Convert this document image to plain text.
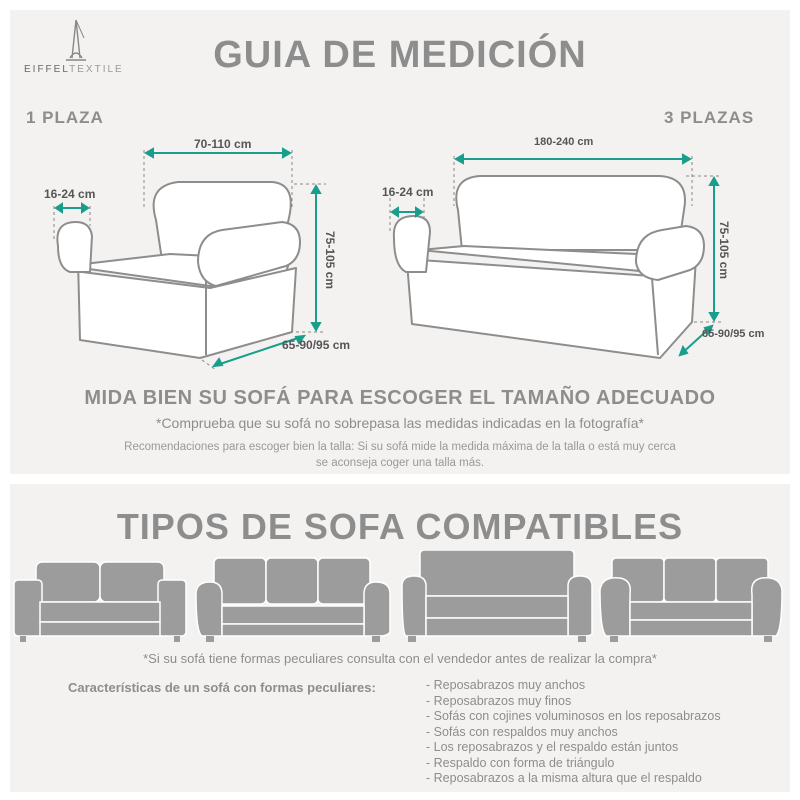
EIFFELTEXTILE	GUIA DE MEDICIÓN
1 PLAZA	3 PLAZAS
70-110 cm
16-24 cm
75-105 cm
65-90/95 cm
180-240 cm
16-24 cm
75-105 cm
65-90/95 cm
MIDA BIEN SU SOFÁ PARA ESCOGER EL TAMAÑO ADECUADO
*Comprueba que su sofá no sobrepasa las medidas indicadas en la fotografía*
Recomendaciones para escoger bien la talla: Si su sofá mide la medida máxima de la talla o está muy cerca se aconseja coger una talla más.
TIPOS DE SOFA COMPATIBLES
*Si su sofá tiene formas peculiares consulta con el vendedor antes de realizar la compra*
Características de un sofá con formas peculiares:	- Reposabrazos muy anchos
- Reposabrazos muy finos
- Sofás con cojines voluminosos en los reposabrazos
- Sofás con respaldos muy anchos
- Los reposabrazos y el respaldo están juntos
- Respaldo con forma de triángulo
- Reposabrazos a la misma altura que el respaldo
